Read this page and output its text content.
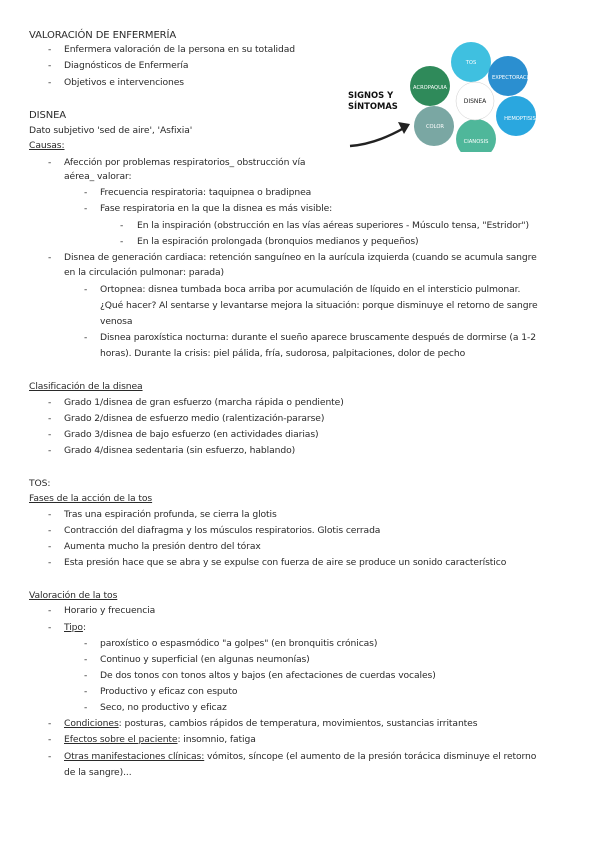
VALORACIÓN DE ENFERMERÍA
- Enfermera valoración de la persona en su totalidad
- Diagnósticos de Enfermería
- Objetivos e intervenciones
DISNEA
Dato subjetivo 'sed de aire', 'Asfixia'
Causas:
- Afección por problemas respiratorios_ obstrucción vía
aérea_ valorar:
- Frecuencia respiratoria: taquipnea o bradipnea
- Fase respiratoria en la que la disnea es más visible:
- En la inspiración (obstrucción en las vías aéreas superiores - Músculo tensa, "Estridor")
- En la espiración prolongada (bronquios medianos y pequeños)
- Disnea de generación cardiaca: retención sanguíneo en la aurícula izquierda (cuando se acumula sangre
en la circulación pulmonar: parada)
- Ortopnea: disnea tumbada boca arriba por acumulación de líquido en el intersticio pulmonar.
¿Qué hacer? Al sentarse y levantarse mejora la situación: porque disminuye el retorno de sangre
venosa
- Disnea paroxística nocturna: durante el sueño aparece bruscamente después de dormirse (a 1-2
horas). Durante la crisis: piel pálida, fría, sudorosa, palpitaciones, dolor de pecho
SIGNOS Y
SÍNTOMAS	DISNEA
TOS
EXPECTORACIÓN
HEMOPTISIS
CIANOSIS
COLOR
ACROPAQUIA
Clasificación de la disnea
- Grado 1/disnea de gran esfuerzo (marcha rápida o pendiente)
- Grado 2/disnea de esfuerzo medio (ralentización-pararse)
- Grado 3/disnea de bajo esfuerzo (en actividades diarias)
- Grado 4/disnea sedentaria (sin esfuerzo, hablando)
TOS:
Fases de la acción de la tos
- Tras una espiración profunda, se cierra la glotis
- Contracción del diafragma y los músculos respiratorios. Glotis cerrada
- Aumenta mucho la presión dentro del tórax
- Esta presión hace que se abra y se expulse con fuerza de aire se produce un sonido característico
Valoración de la tos
- Horario y frecuencia
- Tipo:
- paroxístico o espasmódico "a golpes" (en bronquitis crónicas)
- Continuo y superficial (en algunas neumonías)
- De dos tonos con tonos altos y bajos (en afectaciones de cuerdas vocales)
- Productivo y eficaz con esputo
- Seco, no productivo y eficaz
- Condiciones: posturas, cambios rápidos de temperatura, movimientos, sustancias irritantes
- Efectos sobre el paciente: insomnio, fatiga
- Otras manifestaciones clínicas: vómitos, síncope (el aumento de la presión torácica disminuye el retorno
de la sangre)...
